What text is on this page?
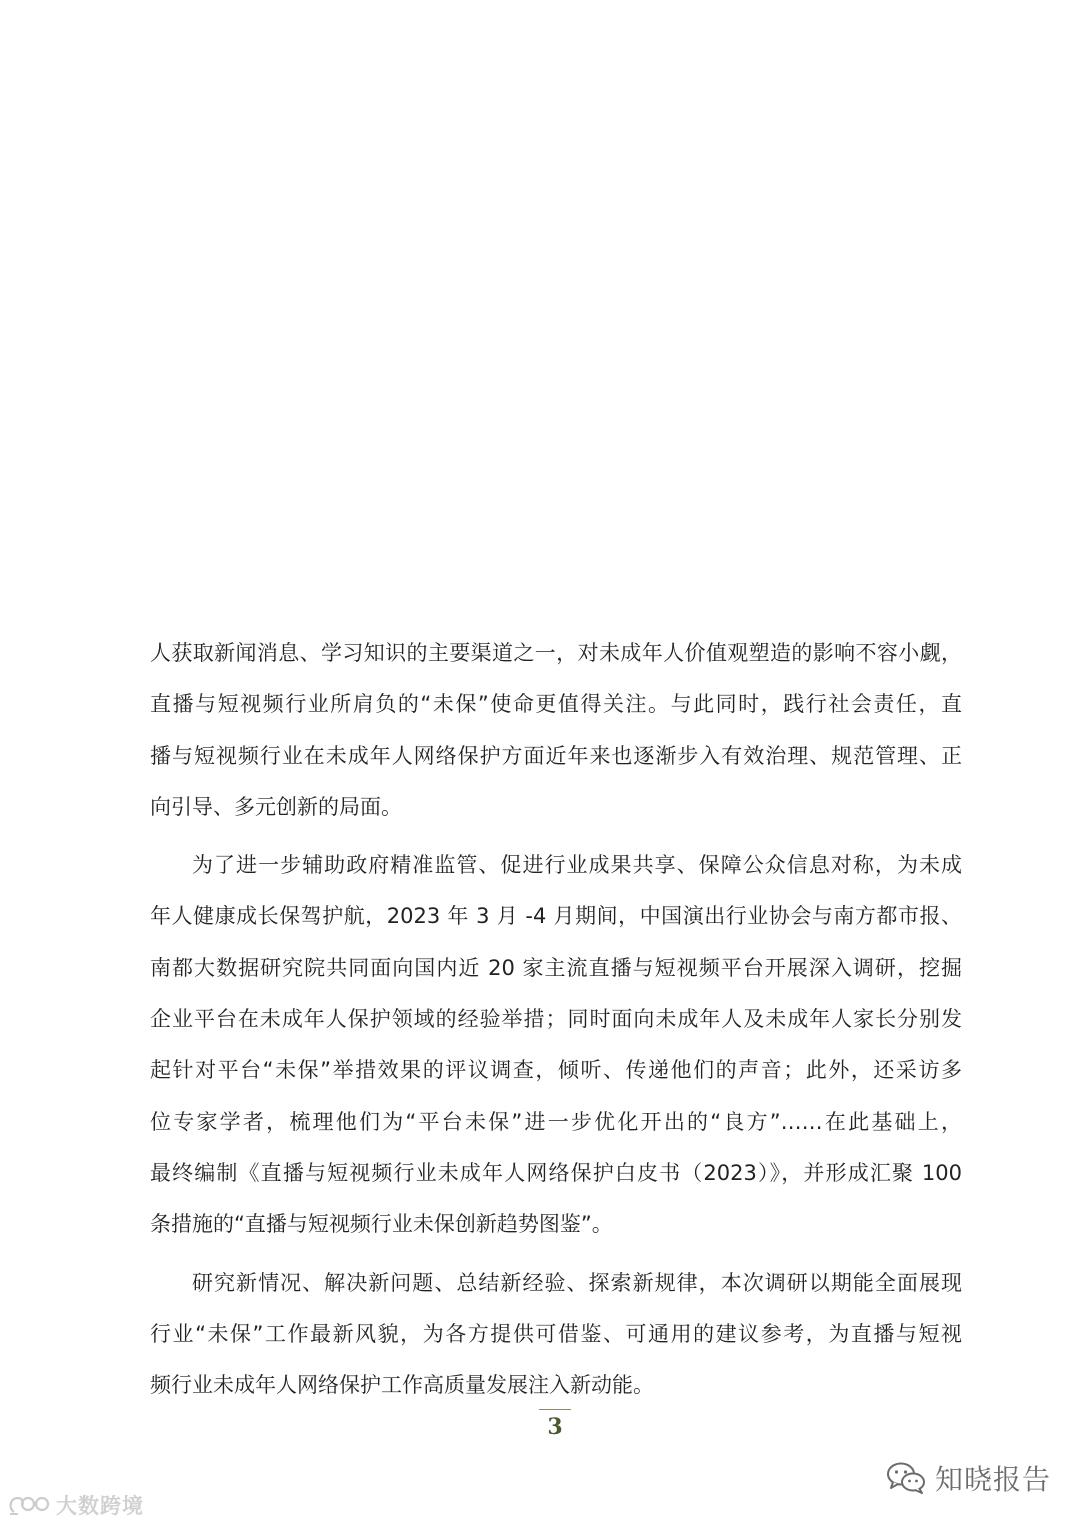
人获取新闻消息、学习知识的主要渠道之一，对未成年人价值观塑造的影响不容小觑，
直播与短视频行业所肩负的“未保”使命更值得关注。与此同时，践行社会责任，直
播与短视频行业在未成年人网络保护方面近年来也逐渐步入有效治理、规范管理、正
向引导、多元创新的局面。
为了进一步辅助政府精准监管、促进行业成果共享、保障公众信息对称，为未成
年人健康成长保驾护航，2023 年 3 月 -4 月期间，中国演出行业协会与南方都市报、
南都大数据研究院共同面向国内近 20 家主流直播与短视频平台开展深入调研，挖掘
企业平台在未成年人保护领域的经验举措；同时面向未成年人及未成年人家长分别发
起针对平台“未保”举措效果的评议调查，倾听、传递他们的声音；此外，还采访多
位专家学者，梳理他们为“平台未保”进一步优化开出的“良方”……在此基础上，
最终编制《直播与短视频行业未成年人网络保护白皮书（2023）》，并形成汇聚 100
条措施的“直播与短视频行业未保创新趋势图鉴”。
研究新情况、解决新问题、总结新经验、探索新规律，本次调研以期能全面展现
行业“未保”工作最新风貌，为各方提供可借鉴、可通用的建议参考，为直播与短视
频行业未成年人网络保护工作高质量发展注入新动能。
3
大数跨境
知晓报告
